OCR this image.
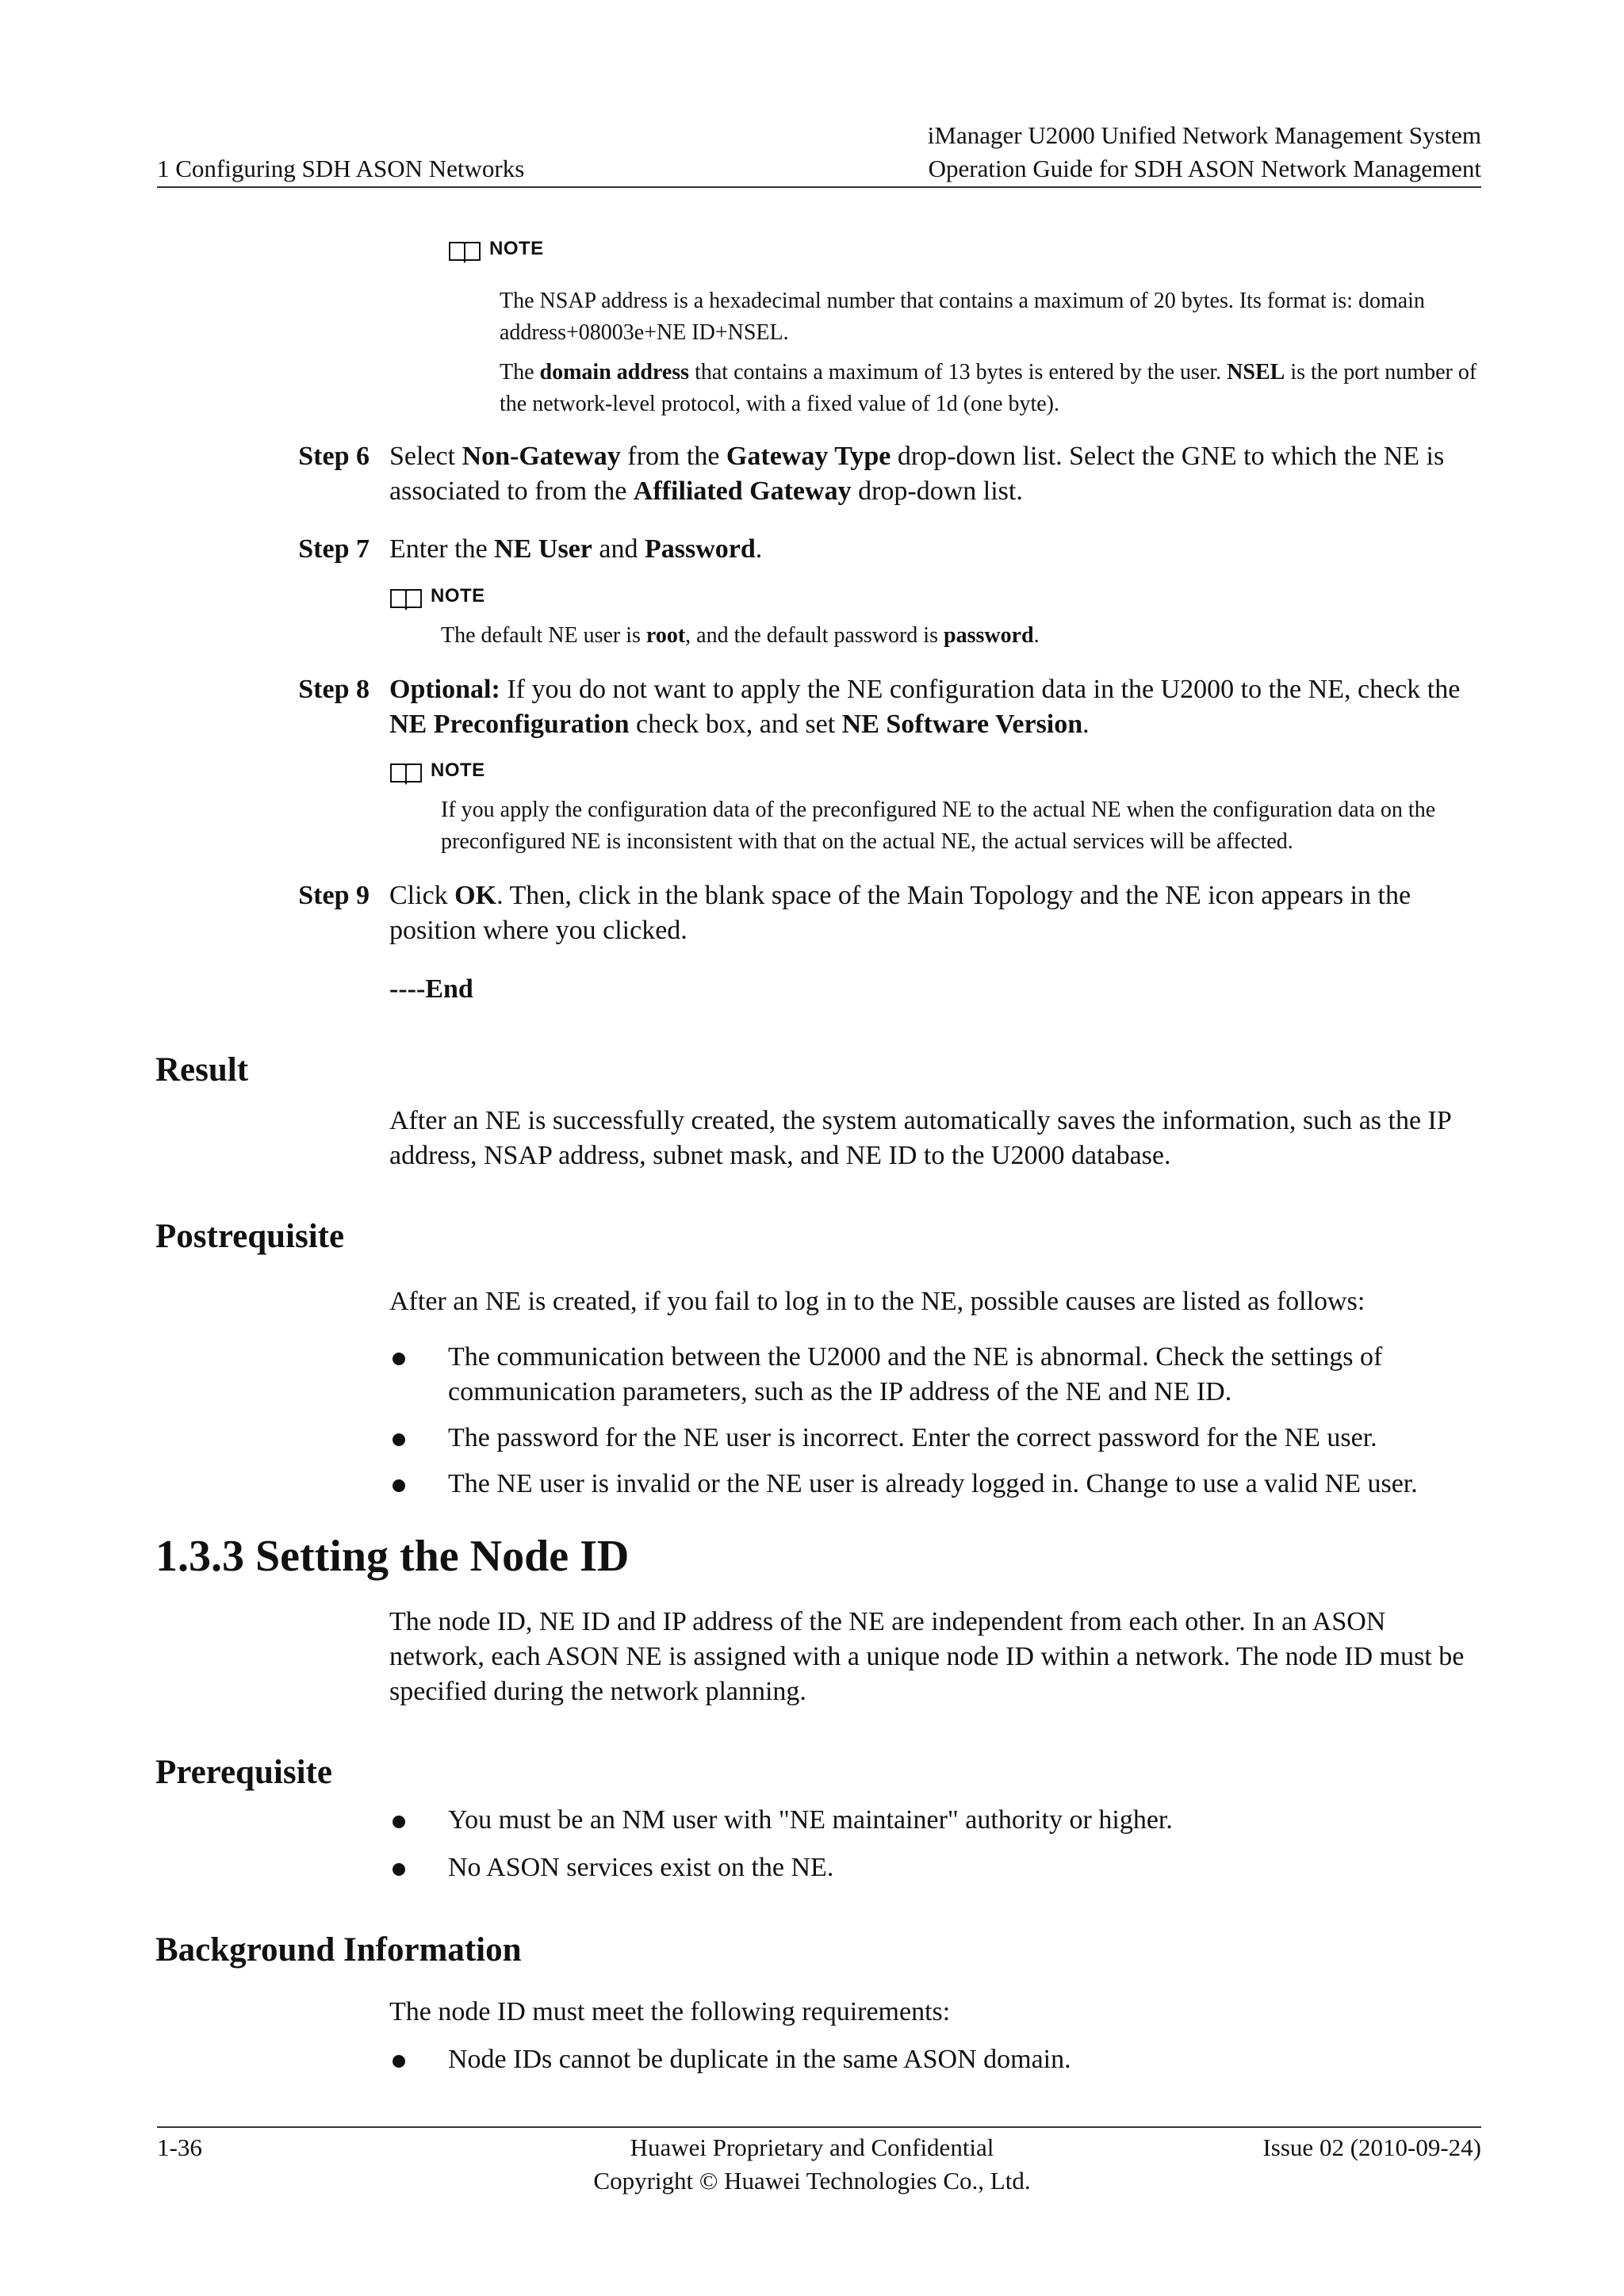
iManager U2000 Unified Network Management System
Operation Guide for SDH ASON Network Management
1 Configuring SDH ASON Networks
NOTE
The NSAP address is a hexadecimal number that contains a maximum of 20 bytes. Its format is: domain address+08003e+NE ID+NSEL.
The domain address that contains a maximum of 13 bytes is entered by the user. NSEL is the port number of the network-level protocol, with a fixed value of 1d (one byte).
Step 6 Select Non-Gateway from the Gateway Type drop-down list. Select the GNE to which the NE is associated to from the Affiliated Gateway drop-down list.
Step 7 Enter the NE User and Password.
NOTE
The default NE user is root, and the default password is password.
Step 8 Optional: If you do not want to apply the NE configuration data in the U2000 to the NE, check the NE Preconfiguration check box, and set NE Software Version.
NOTE
If you apply the configuration data of the preconfigured NE to the actual NE when the configuration data on the preconfigured NE is inconsistent with that on the actual NE, the actual services will be affected.
Step 9 Click OK. Then, click in the blank space of the Main Topology and the NE icon appears in the position where you clicked.
----End
Result
After an NE is successfully created, the system automatically saves the information, such as the IP address, NSAP address, subnet mask, and NE ID to the U2000 database.
Postrequisite
After an NE is created, if you fail to log in to the NE, possible causes are listed as follows:
The communication between the U2000 and the NE is abnormal. Check the settings of communication parameters, such as the IP address of the NE and NE ID.
The password for the NE user is incorrect. Enter the correct password for the NE user.
The NE user is invalid or the NE user is already logged in. Change to use a valid NE user.
1.3.3 Setting the Node ID
The node ID, NE ID and IP address of the NE are independent from each other. In an ASON network, each ASON NE is assigned with a unique node ID within a network. The node ID must be specified during the network planning.
Prerequisite
You must be an NM user with "NE maintainer" authority or higher.
No ASON services exist on the NE.
Background Information
The node ID must meet the following requirements:
Node IDs cannot be duplicate in the same ASON domain.
1-36	Huawei Proprietary and Confidential
Copyright © Huawei Technologies Co., Ltd.
Issue 02 (2010-09-24)
